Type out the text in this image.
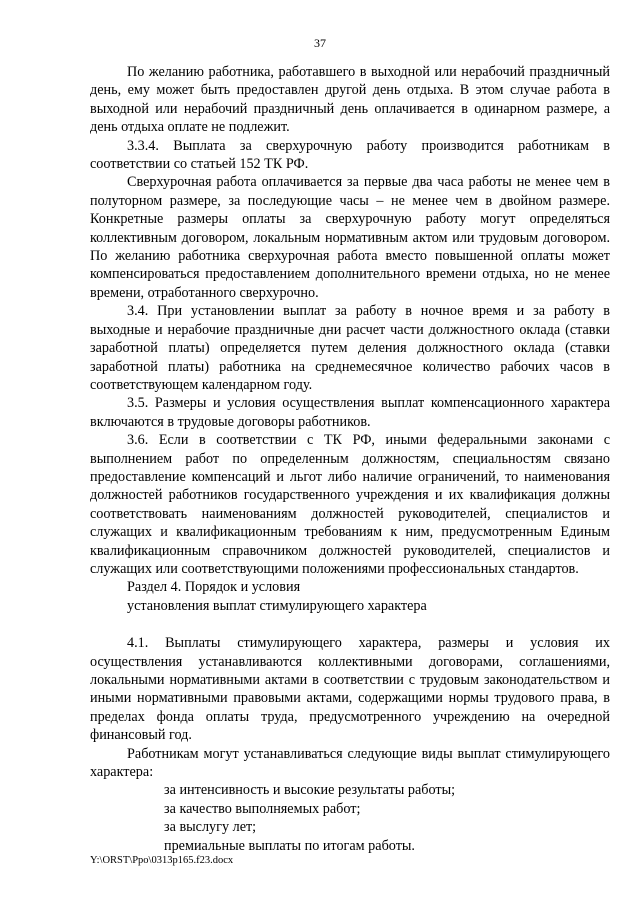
37

По желанию работника, работавшего в выходной или нерабочий праздничный день, ему может быть предоставлен другой день отдыха. В этом случае работа в выходной или нерабочий праздничный день оплачивается в одинарном размере, а день отдыха оплате не подлежит.

3.3.4. Выплата за сверхурочную работу производится работникам в соответствии со статьей 152 ТК РФ.

Сверхурочная работа оплачивается за первые два часа работы не менее чем в полуторном размере, за последующие часы – не менее чем в двойном размере. Конкретные размеры оплаты за сверхурочную работу могут определяться коллективным договором, локальным нормативным актом или трудовым договором. По желанию работника сверхурочная работа вместо повышенной оплаты может компенсироваться предоставлением дополнительного времени отдыха, но не менее времени, отработанного сверхурочно.

3.4. При установлении выплат за работу в ночное время и за работу в выходные и нерабочие праздничные дни расчет части должностного оклада (ставки заработной платы) определяется путем деления должностного оклада (ставки заработной платы) работника на среднемесячное количество рабочих часов в соответствующем календарном году.

3.5. Размеры и условия осуществления выплат компенсационного характера включаются в трудовые договоры работников.

3.6. Если в соответствии с ТК РФ, иными федеральными законами с выполнением работ по определенным должностям, специальностям связано предоставление компенсаций и льгот либо наличие ограничений, то наименования должностей работников государственного учреждения и их квалификация должны соответствовать наименованиям должностей руководителей, специалистов и служащих и квалификационным требованиям к ним, предусмотренным Единым квалификационным справочником должностей руководителей, специалистов и служащих или соответствующими положениями профессиональных стандартов.

Раздел 4. Порядок и условия

установления выплат стимулирующего характера

4.1. Выплаты стимулирующего характера, размеры и условия их осуществления устанавливаются коллективными договорами, соглашениями, локальными нормативными актами в соответствии с трудовым законодательством и иными нормативными правовыми актами, содержащими нормы трудового права, в пределах фонда оплаты труда, предусмотренного учреждению на очередной финансовый год.

Работникам могут устанавливаться следующие виды выплат стимулирующего характера:

за интенсивность и высокие результаты работы;

за качество выполняемых работ;

за выслугу лет;

премиальные выплаты по итогам работы.

Y:\ORST\Ppo\0313p165.f23.docx
